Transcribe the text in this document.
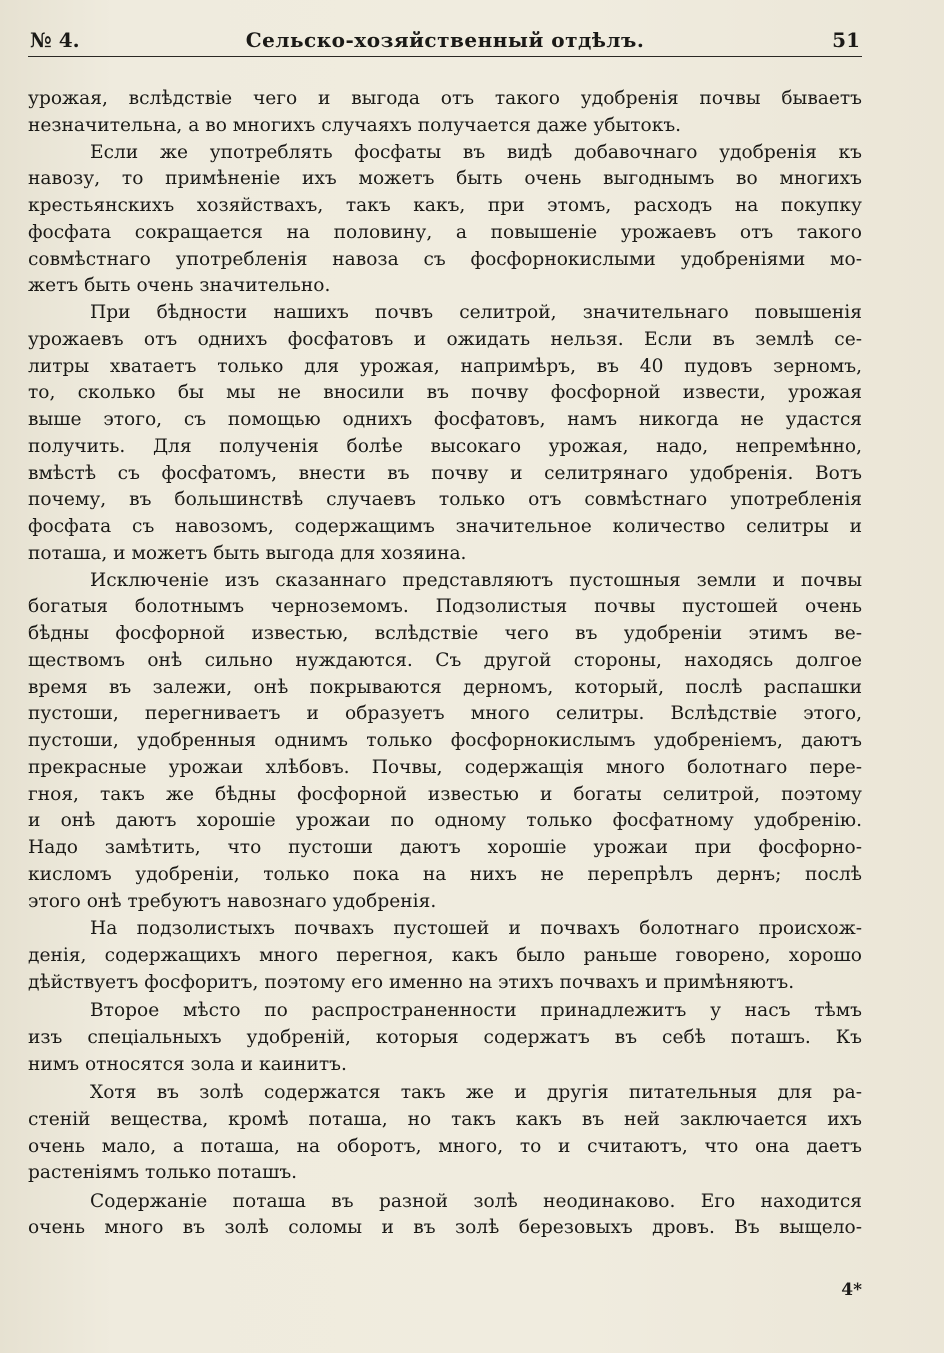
Сельско-хозяйственный отдѣлъ.
№ 4.	51
урожая, вслѣдствіе чего и выгода отъ такого удобренія почвы бываетъ
незначительна, а во многихъ случаяхъ получается даже убытокъ.
Если же употреблять фосфаты въ видѣ добавочнаго удобренія къ
навозу, то примѣненіе ихъ можетъ быть очень выгоднымъ во многихъ
крестьянскихъ хозяйствахъ, такъ какъ, при этомъ, расходъ на покупку
фосфата сокращается на половину, а повышеніе урожаевъ отъ такого
совмѣстнаго употребленія навоза съ фосфорнокислыми удобреніями мо-
жетъ быть очень значительно.
При бѣдности нашихъ почвъ селитрой, значительнаго повышенія
урожаевъ отъ однихъ фосфатовъ и ожидать нельзя. Если въ землѣ се-
литры хватаетъ только для урожая, напримѣръ, въ 40 пудовъ зерномъ,
то, сколько бы мы не вносили въ почву фосфорной извести, урожая
выше этого, съ помощью однихъ фосфатовъ, намъ никогда не удастся
получить. Для полученія болѣе высокаго урожая, надо, непремѣнно,
вмѣстѣ съ фосфатомъ, внести въ почву и селитрянаго удобренія. Вотъ
почему, въ большинствѣ случаевъ только отъ совмѣстнаго употребленія
фосфата съ навозомъ, содержащимъ значительное количество селитры и
поташа, и можетъ быть выгода для хозяина.
Исключеніе изъ сказаннаго представляютъ пустошныя земли и почвы
богатыя болотнымъ черноземомъ. Подзолистыя почвы пустошей очень
бѣдны фосфорной известью, вслѣдствіе чего въ удобреніи этимъ ве-
ществомъ онѣ сильно нуждаются. Съ другой стороны, находясь долгое
время въ залежи, онѣ покрываются дерномъ, который, послѣ распашки
пустоши, перегниваетъ и образуетъ много селитры. Вслѣдствіе этого,
пустоши, удобренныя однимъ только фосфорнокислымъ удобреніемъ, даютъ
прекрасные урожаи хлѣбовъ. Почвы, содержащія много болотнаго пере-
гноя, такъ же бѣдны фосфорной известью и богаты селитрой, поэтому
и онѣ даютъ хорошіе урожаи по одному только фосфатному удобренію.
Надо замѣтить, что пустоши даютъ хорошіе урожаи при фосфорно-
кисломъ удобреніи, только пока на нихъ не перепрѣлъ дернъ; послѣ
этого онѣ требуютъ навознаго удобренія.
На подзолистыхъ почвахъ пустошей и почвахъ болотнаго происхож-
денія, содержащихъ много перегноя, какъ было раньше говорено, хорошо
дѣйствуетъ фосфоритъ, поэтому его именно на этихъ почвахъ и примѣняютъ.
Второе мѣсто по распространенности принадлежитъ у насъ тѣмъ
изъ спеціальныхъ удобреній, которыя содержатъ въ себѣ поташъ. Къ
нимъ относятся зола и каинитъ.
Хотя въ золѣ содержатся такъ же и другія питательныя для ра-
стеній вещества, кромѣ поташа, но такъ какъ въ ней заключается ихъ
очень мало, а поташа, на оборотъ, много, то и считаютъ, что она даетъ
растеніямъ только поташъ.
Содержаніе поташа въ разной золѣ неодинаково. Его находится
очень много въ золѣ соломы и въ золѣ березовыхъ дровъ. Въ выщело-
4*
